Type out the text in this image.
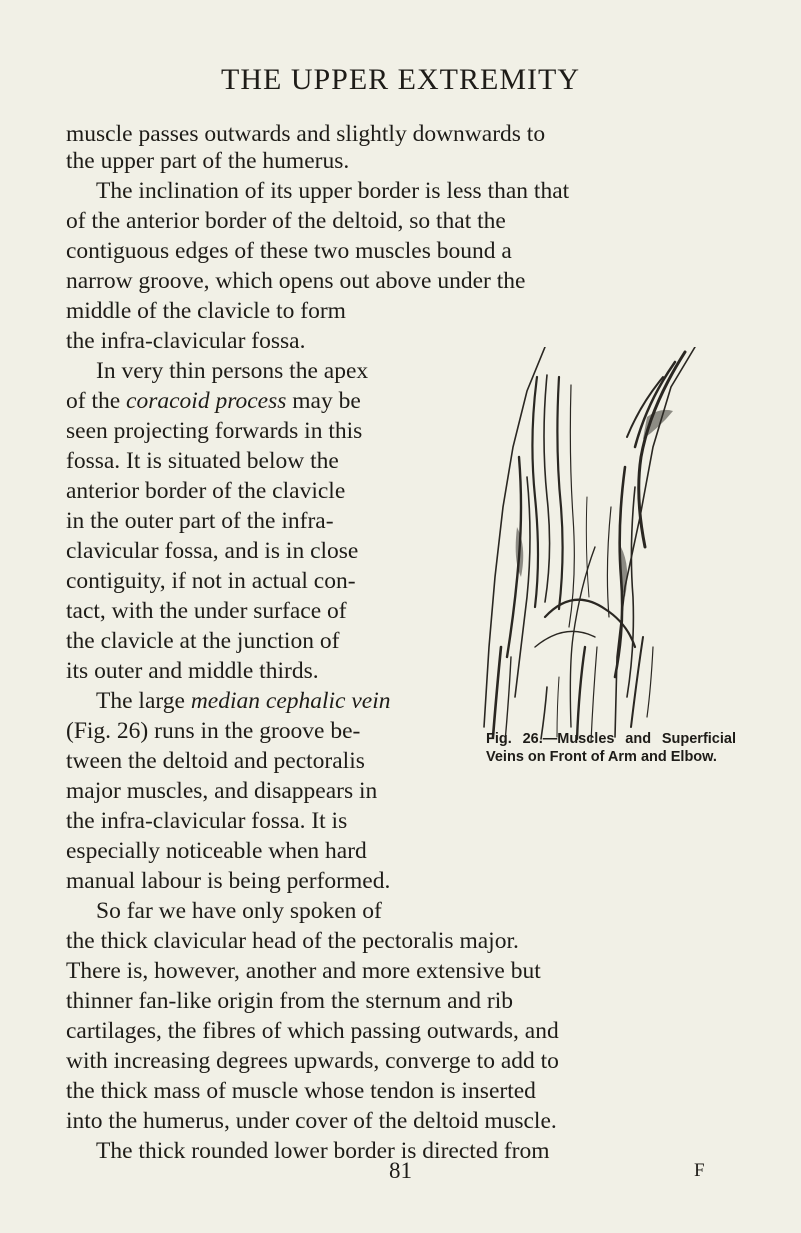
THE UPPER EXTREMITY
muscle passes outwards and slightly downwards to
the upper part of the humerus.
The inclination of its upper border is less than that
of the anterior border of the deltoid, so that the
contiguous edges of these two muscles bound a
narrow groove, which opens out above under the
middle of the clavicle to form
the infra-clavicular fossa.
In very thin persons the apex
of the coracoid process may be
seen projecting forwards in this
fossa. It is situated below the
anterior border of the clavicle
in the outer part of the infra-
clavicular fossa, and is in close
contiguity, if not in actual con-
tact, with the under surface of
the clavicle at the junction of
its outer and middle thirds.
The large median cephalic vein
(Fig. 26) runs in the groove be-
tween the deltoid and pectoralis
major muscles, and disappears in
the infra-clavicular fossa. It is
especially noticeable when hard
manual labour is being performed.
So far we have only spoken of
the thick clavicular head of the pectoralis major.
There is, however, another and more extensive but
thinner fan-like origin from the sternum and rib
cartilages, the fibres of which passing outwards, and
with increasing degrees upwards, converge to add to
the thick mass of muscle whose tendon is inserted
into the humerus, under cover of the deltoid muscle.
The thick rounded lower border is directed from
Fig. 26.—Muscles and Superficial Veins on Front of Arm and Elbow.
81	F
